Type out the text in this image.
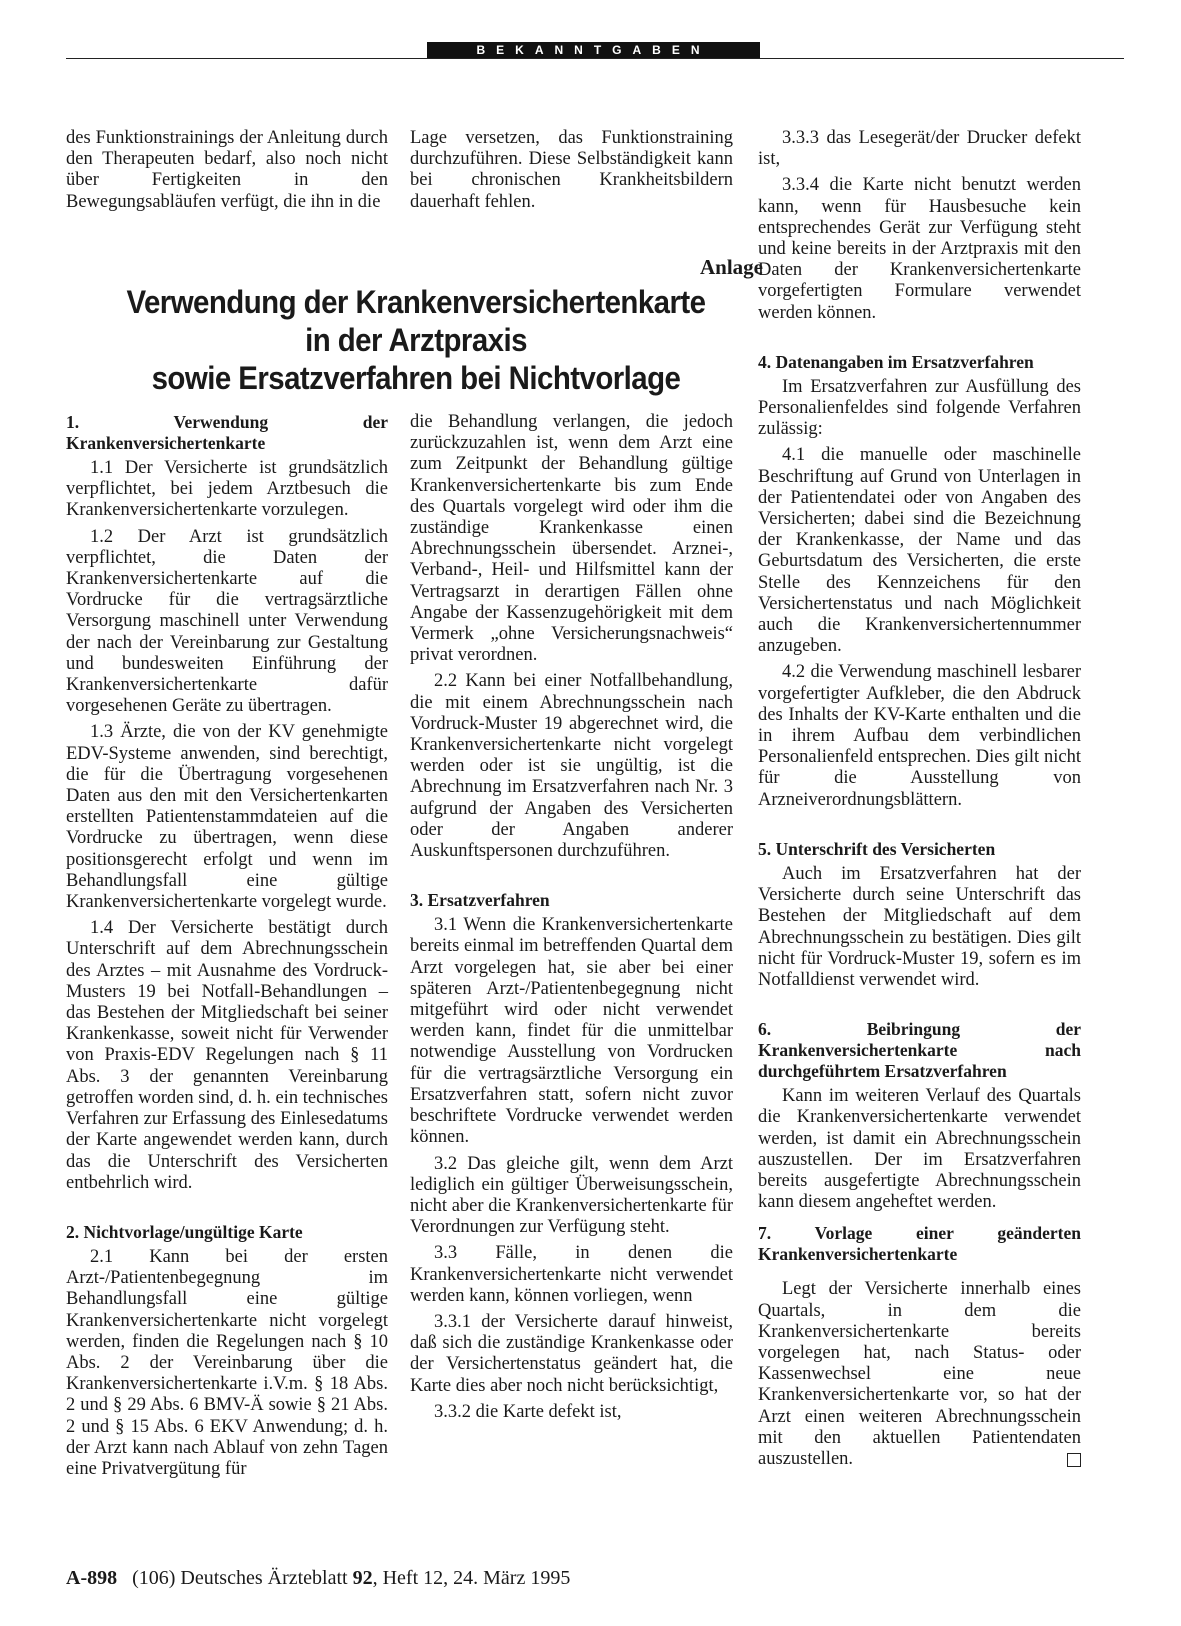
BEKANNTGABEN

des Funktionstrainings der Anleitung durch den Therapeuten bedarf, also noch nicht über Fertigkeiten in den Bewegungsabläufen verfügt, die ihn in die

Lage versetzen, das Funktionstraining durchzuführen. Diese Selbständigkeit kann bei chronischen Krankheitsbildern dauerhaft fehlen.

Anlage
Verwendung der Krankenversichertenkarte
in der Arztpraxis
sowie Ersatzverfahren bei Nichtvorlage
1. Verwendung der Krankenversichertenkarte

1.1 Der Versicherte ist grundsätzlich verpflichtet, bei jedem Arztbesuch die Krankenversichertenkarte vorzulegen.

1.2 Der Arzt ist grundsätzlich verpflichtet, die Daten der Krankenversichertenkarte auf die Vordrucke für die vertragsärztliche Versorgung maschinell unter Verwendung der nach der Vereinbarung zur Gestaltung und bundesweiten Einführung der Krankenversichertenkarte dafür vorgesehenen Geräte zu übertragen.

1.3 Ärzte, die von der KV genehmigte EDV-Systeme anwenden, sind berechtigt, die für die Übertragung vorgesehenen Daten aus den mit den Versichertenkarten erstellten Patientenstammdateien auf die Vordrucke zu übertragen, wenn diese positionsgerecht erfolgt und wenn im Behandlungsfall eine gültige Krankenversichertenkarte vorgelegt wurde.

1.4 Der Versicherte bestätigt durch Unterschrift auf dem Abrechnungsschein des Arztes – mit Ausnahme des Vordruck-Musters 19 bei Notfall-Behandlungen – das Bestehen der Mitgliedschaft bei seiner Krankenkasse, soweit nicht für Verwender von Praxis-EDV Regelungen nach § 11 Abs. 3 der genannten Vereinbarung getroffen worden sind, d. h. ein technisches Verfahren zur Erfassung des Einlesedatums der Karte angewendet werden kann, durch das die Unterschrift des Versicherten entbehrlich wird.

2. Nichtvorlage/ungültige Karte

2.1 Kann bei der ersten Arzt-/Patientenbegegnung im Behandlungsfall eine gültige Krankenversichertenkarte nicht vorgelegt werden, finden die Regelungen nach § 10 Abs. 2 der Vereinbarung über die Krankenversichertenkarte i.V.m. § 18 Abs. 2 und § 29 Abs. 6 BMV-Ä sowie § 21 Abs. 2 und § 15 Abs. 6 EKV Anwendung; d. h. der Arzt kann nach Ablauf von zehn Tagen eine Privatvergütung für

die Behandlung verlangen, die jedoch zurückzuzahlen ist, wenn dem Arzt eine zum Zeitpunkt der Behandlung gültige Krankenversichertenkarte bis zum Ende des Quartals vorgelegt wird oder ihm die zuständige Krankenkasse einen Abrechnungsschein übersendet. Arznei-, Verband-, Heil- und Hilfsmittel kann der Vertragsarzt in derartigen Fällen ohne Angabe der Kassenzugehörigkeit mit dem Vermerk „ohne Versicherungsnachweis“ privat verordnen.

2.2 Kann bei einer Notfallbehandlung, die mit einem Abrechnungsschein nach Vordruck-Muster 19 abgerechnet wird, die Krankenversichertenkarte nicht vorgelegt werden oder ist sie ungültig, ist die Abrechnung im Ersatzverfahren nach Nr. 3 aufgrund der Angaben des Versicherten oder der Angaben anderer Auskunftspersonen durchzuführen.

3. Ersatzverfahren

3.1 Wenn die Krankenversichertenkarte bereits einmal im betreffenden Quartal dem Arzt vorgelegen hat, sie aber bei einer späteren Arzt-/Patientenbegegnung nicht mitgeführt wird oder nicht verwendet werden kann, findet für die unmittelbar notwendige Ausstellung von Vordrucken für die vertragsärztliche Versorgung ein Ersatzverfahren statt, sofern nicht zuvor beschriftete Vordrucke verwendet werden können.

3.2 Das gleiche gilt, wenn dem Arzt lediglich ein gültiger Überweisungsschein, nicht aber die Krankenversichertenkarte für Verordnungen zur Verfügung steht.

3.3 Fälle, in denen die Krankenversichertenkarte nicht verwendet werden kann, können vorliegen, wenn

3.3.1 der Versicherte darauf hinweist, daß sich die zuständige Krankenkasse oder der Versichertenstatus geändert hat, die Karte dies aber noch nicht berücksichtigt,

3.3.2 die Karte defekt ist,

3.3.3 das Lesegerät/der Drucker defekt ist,

3.3.4 die Karte nicht benutzt werden kann, wenn für Hausbesuche kein entsprechendes Gerät zur Verfügung steht und keine bereits in der Arztpraxis mit den Daten der Krankenversichertenkarte vorgefertigten Formulare verwendet werden können.

4. Datenangaben im Ersatzverfahren

Im Ersatzverfahren zur Ausfüllung des Personalienfeldes sind folgende Verfahren zulässig:

4.1 die manuelle oder maschinelle Beschriftung auf Grund von Unterlagen in der Patientendatei oder von Angaben des Versicherten; dabei sind die Bezeichnung der Krankenkasse, der Name und das Geburtsdatum des Versicherten, die erste Stelle des Kennzeichens für den Versichertenstatus und nach Möglichkeit auch die Krankenversichertennummer anzugeben.

4.2 die Verwendung maschinell lesbarer vorgefertigter Aufkleber, die den Abdruck des Inhalts der KV-Karte enthalten und die in ihrem Aufbau dem verbindlichen Personalienfeld entsprechen. Dies gilt nicht für die Ausstellung von Arzneiverordnungsblättern.

5. Unterschrift des Versicherten

Auch im Ersatzverfahren hat der Versicherte durch seine Unterschrift das Bestehen der Mitgliedschaft auf dem Abrechnungsschein zu bestätigen. Dies gilt nicht für Vordruck-Muster 19, sofern es im Notfalldienst verwendet wird.

6. Beibringung der Krankenversichertenkarte nach durchgeführtem Ersatzverfahren

Kann im weiteren Verlauf des Quartals die Krankenversichertenkarte verwendet werden, ist damit ein Abrechnungsschein auszustellen. Der im Ersatzverfahren bereits ausgefertigte Abrechnungsschein kann diesem angeheftet werden.

7. Vorlage einer geänderten Krankenversichertenkarte

Legt der Versicherte innerhalb eines Quartals, in dem die Krankenversichertenkarte bereits vorgelegen hat, nach Status- oder Kassenwechsel eine neue Krankenversichertenkarte vor, so hat der Arzt einen weiteren Abrechnungsschein mit den aktuellen Patientendaten auszustellen.

A-898 (106) Deutsches Ärzteblatt 92, Heft 12, 24. März 1995
